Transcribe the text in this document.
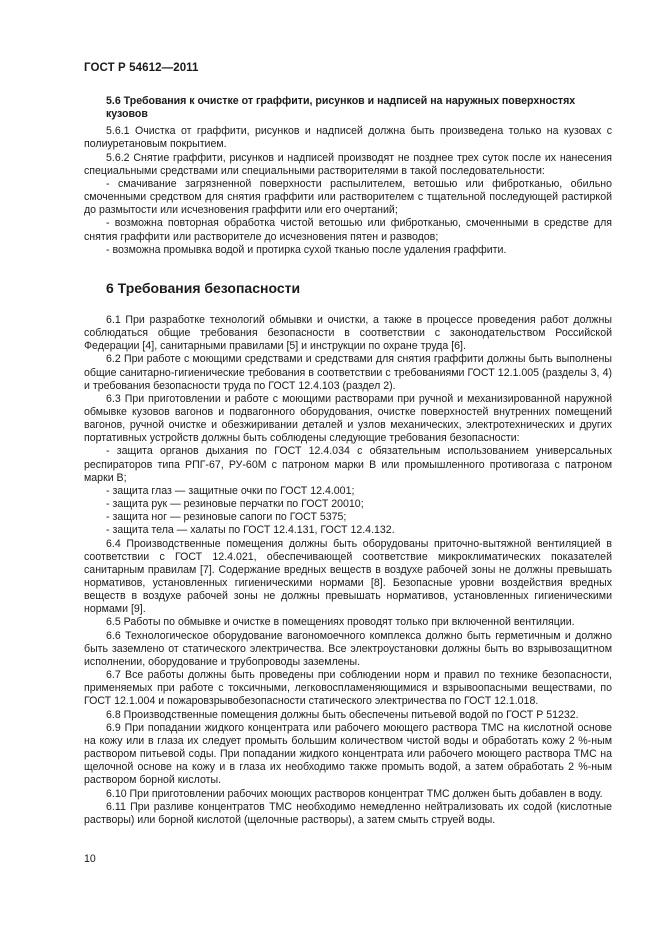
ГОСТ Р 54612—2011
5.6 Требования к очистке от граффити, рисунков и надписей на наружных поверхностях кузовов

5.6.1 Очистка от граффити, рисунков и надписей должна быть произведена только на кузовах с полиуретановым покрытием.

5.6.2 Снятие граффити, рисунков и надписей производят не позднее трех суток после их нанесения специальными средствами или специальными растворителями в такой последовательности:

- смачивание загрязненной поверхности распылителем, ветошью или фибротканью, обильно смоченными средством для снятия граффити или растворителем с тщательной последующей растиркой до размытости или исчезновения граффити или его очертаний;

- возможна повторная обработка чистой ветошью или фибротканью, смоченными в средстве для снятия граффити или растворителе до исчезновения пятен и разводов;

- возможна промывка водой и протирка сухой тканью после удаления граффити.

6 Требования безопасности

6.1 При разработке технологий обмывки и очистки, а также в процессе проведения работ должны соблюдаться общие требования безопасности в соответствии с законодательством Российской Федерации [4], санитарными правилами [5] и инструкции по охране труда [6].

6.2 При работе с моющими средствами и средствами для снятия граффити должны быть выполнены общие санитарно-гигиенические требования в соответствии с требованиями ГОСТ 12.1.005 (разделы 3, 4) и требования безопасности труда по ГОСТ 12.4.103 (раздел 2).

6.3 При приготовлении и работе с моющими растворами при ручной и механизированной наружной обмывке кузовов вагонов и подвагонного оборудования, очистке поверхностей внутренних помещений вагонов, ручной очистке и обезжиривании деталей и узлов механических, электротехнических и других портативных устройств должны быть соблюдены следующие требования безопасности:

- защита органов дыхания по ГОСТ 12.4.034 с обязательным использованием универсальных респираторов типа РПГ-67, РУ-60М с патроном марки В или промышленного противогаза с патроном марки В;

- защита глаз — защитные очки по ГОСТ 12.4.001;

- защита рук — резиновые перчатки по ГОСТ 20010;

- защита ног — резиновые сапоги по ГОСТ 5375;

- защита тела — халаты по ГОСТ 12.4.131, ГОСТ 12.4.132.

6.4 Производственные помещения должны быть оборудованы приточно-вытяжной вентиляцией в соответствии с ГОСТ 12.4.021, обеспечивающей соответствие микроклиматических показателей санитарным правилам [7]. Содержание вредных веществ в воздухе рабочей зоны не должны превышать нормативов, установленных гигиеническими нормами [8]. Безопасные уровни воздействия вредных веществ в воздухе рабочей зоны не должны превышать нормативов, установленных гигиеническими нормами [9].

6.5 Работы по обмывке и очистке в помещениях проводят только при включенной вентиляции.

6.6 Технологическое оборудование вагономоечного комплекса должно быть герметичным и должно быть заземлено от статического электричества. Все электроустановки должны быть во взрывозащитном исполнении, оборудование и трубопроводы заземлены.

6.7 Все работы должны быть проведены при соблюдении норм и правил по технике безопасности, применяемых при работе с токсичными, легковоспламеняющимися и взрывоопасными веществами, по ГОСТ 12.1.004 и пожаровзрывобезопасности статического электричества по ГОСТ 12.1.018.

6.8 Производственные помещения должны быть обеспечены питьевой водой по ГОСТ Р 51232.

6.9 При попадании жидкого концентрата или рабочего моющего раствора ТМС на кислотной основе на кожу или в глаза их следует промыть большим количеством чистой воды и обработать кожу 2 %-ным раствором питьевой соды. При попадании жидкого концентрата или рабочего моющего раствора ТМС на щелочной основе на кожу и в глаза их необходимо также промыть водой, а затем обработать 2 %-ным раствором борной кислоты.

6.10 При приготовлении рабочих моющих растворов концентрат ТМС должен быть добавлен в воду.

6.11 При разливе концентратов ТМС необходимо немедленно нейтрализовать их содой (кислотные растворы) или борной кислотой (щелочные растворы), а затем смыть струей воды.

10
